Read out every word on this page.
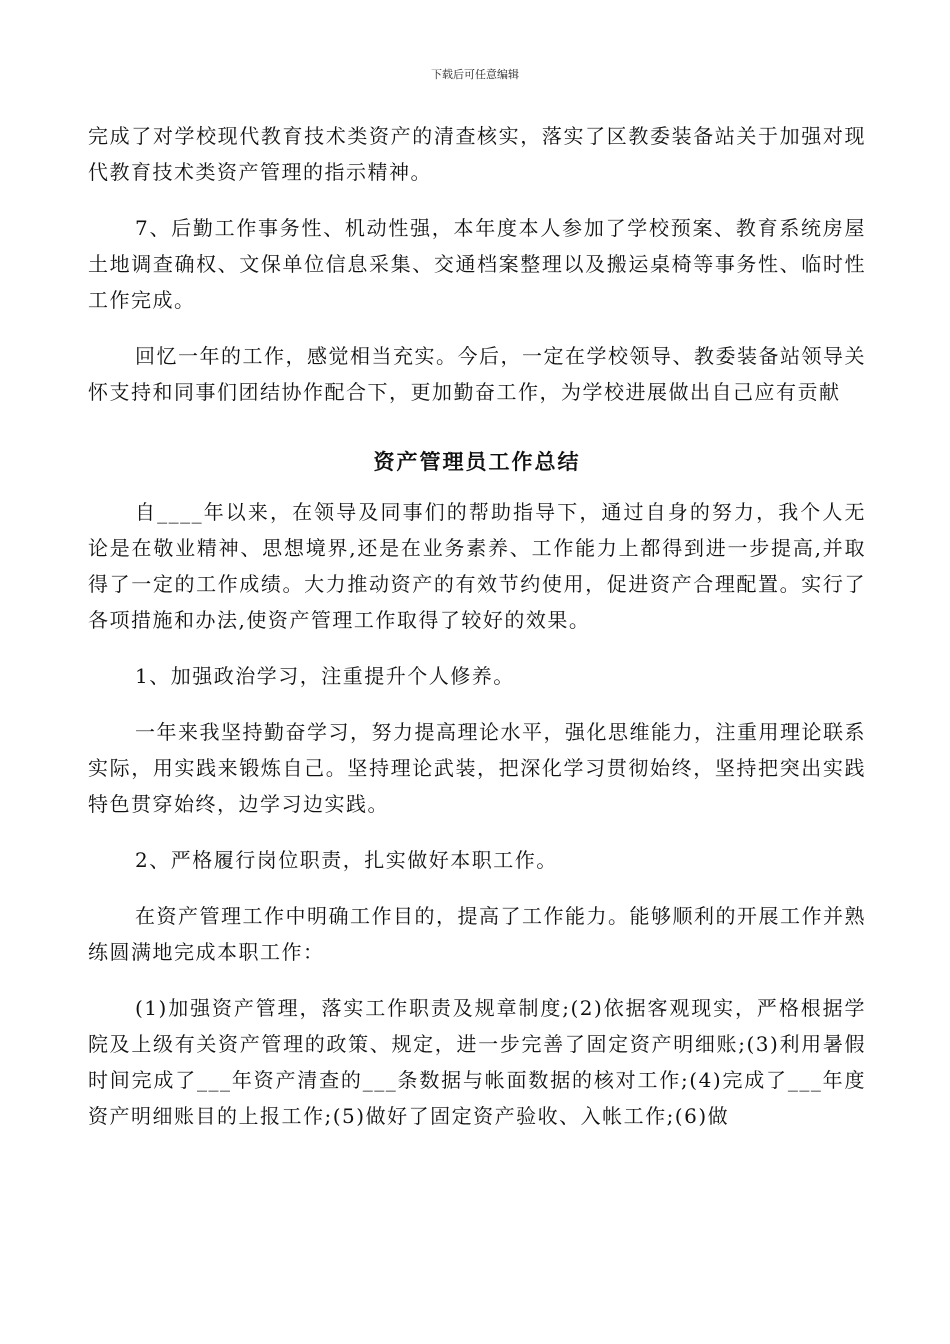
下载后可任意编辑

完成了对学校现代教育技术类资产的清查核实，落实了区教委装备站关于加强对现代教育技术类资产管理的指示精神。

7、后勤工作事务性、机动性强，本年度本人参加了学校预案、教育系统房屋土地调查确权、文保单位信息采集、交通档案整理以及搬运桌椅等事务性、临时性工作完成。

回忆一年的工作，感觉相当充实。今后，一定在学校领导、教委装备站领导关怀支持和同事们团结协作配合下，更加勤奋工作，为学校进展做出自己应有贡献

资产管理员工作总结

自____年以来，在领导及同事们的帮助指导下，通过自身的努力，我个人无论是在敬业精神、思想境界,还是在业务素养、工作能力上都得到进一步提高,并取得了一定的工作成绩。大力推动资产的有效节约使用，促进资产合理配置。实行了各项措施和办法,使资产管理工作取得了较好的效果。

1、加强政治学习，注重提升个人修养。

一年来我坚持勤奋学习，努力提高理论水平，强化思维能力，注重用理论联系实际，用实践来锻炼自己。坚持理论武装，把深化学习贯彻始终，坚持把突出实践特色贯穿始终，边学习边实践。

2、严格履行岗位职责，扎实做好本职工作。

在资产管理工作中明确工作目的，提高了工作能力。能够顺利的开展工作并熟练圆满地完成本职工作：

(1)加强资产管理，落实工作职责及规章制度;(2)依据客观现实，严格根据学院及上级有关资产管理的政策、规定，进一步完善了固定资产明细账;(3)利用暑假时间完成了___年资产清查的___条数据与帐面数据的核对工作;(4)完成了___年度资产明细账目的上报工作;(5)做好了固定资产验收、入帐工作;(6)做
